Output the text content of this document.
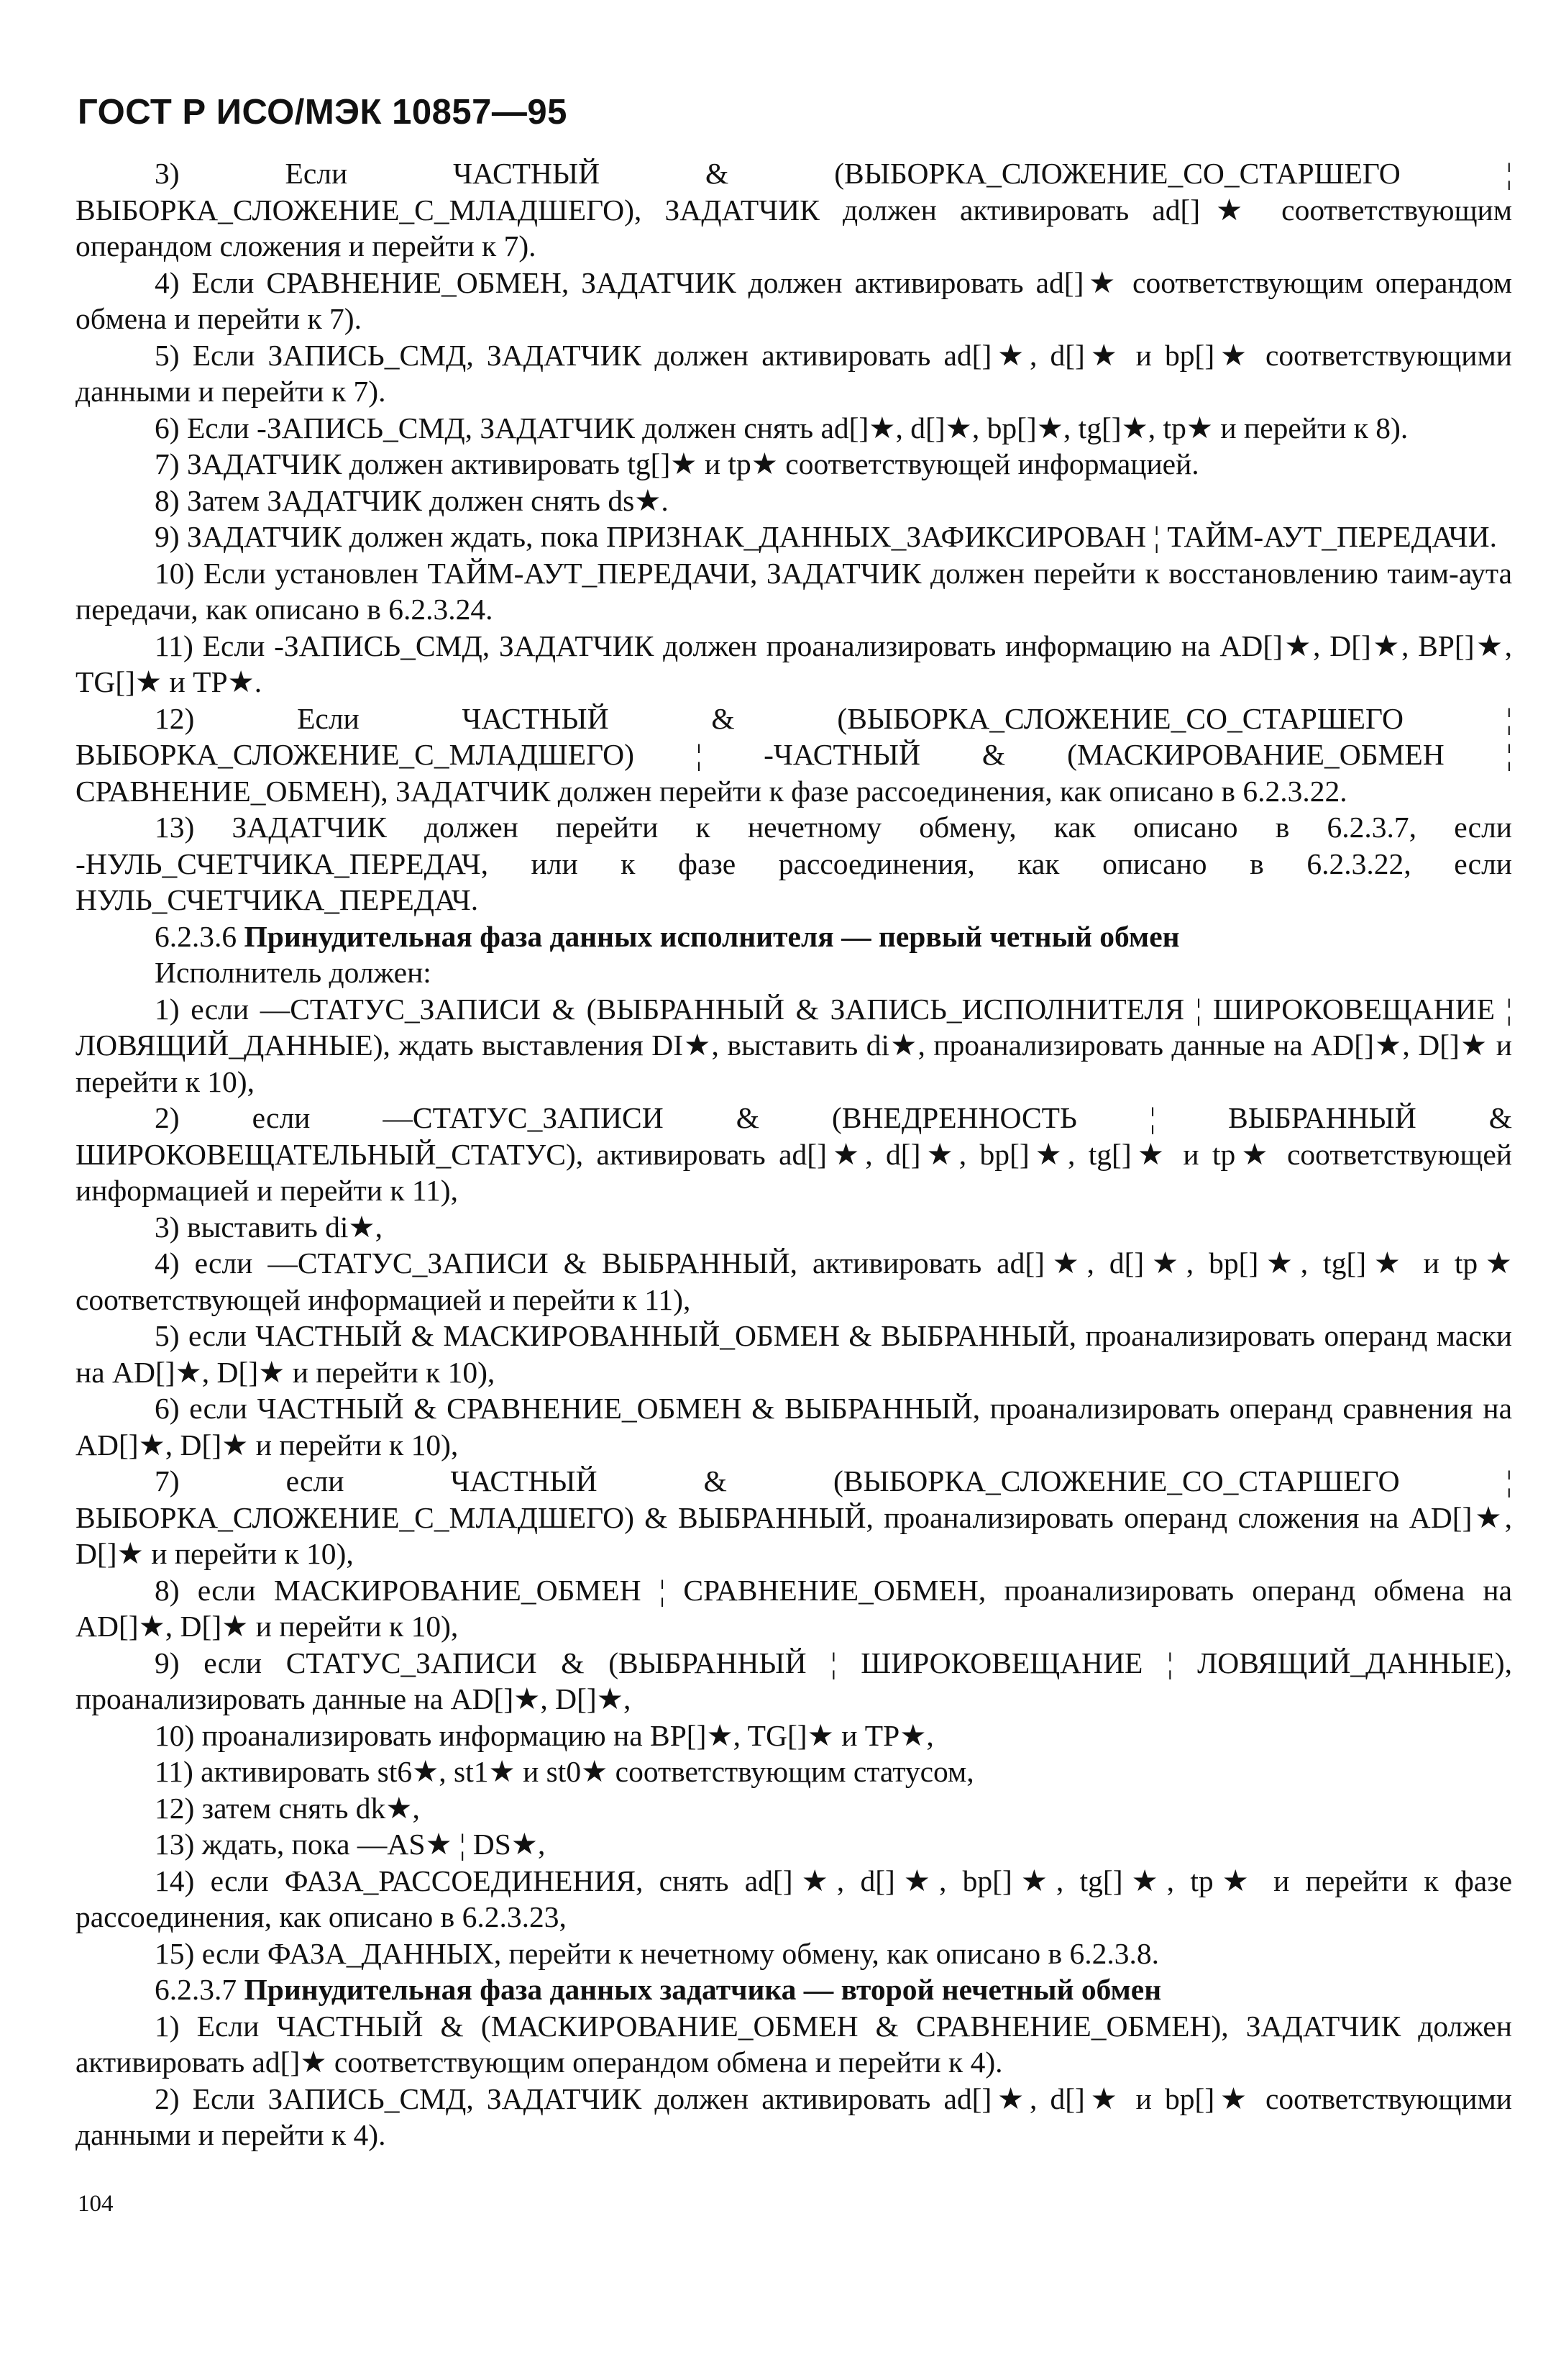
ГОСТ Р ИСО/МЭК 10857—95

3) Если ЧАСТНЫЙ & (ВЫБОРКА_СЛОЖЕНИЕ_СО_СТАРШЕГО ¦ ВЫБОРКА_СЛОЖЕНИЕ_С_МЛАДШЕГО), ЗАДАТЧИК должен активировать ad[]★ соответствующим операндом сложения и перейти к 7).

4) Если СРАВНЕНИЕ_ОБМЕН, ЗАДАТЧИК должен активировать ad[]★ соответствующим операндом обмена и перейти к 7).

5) Если ЗАПИСЬ_СМД, ЗАДАТЧИК должен активировать ad[]★, d[]★ и bp[]★ соответствующими данными и перейти к 7).

6) Если -ЗАПИСЬ_СМД, ЗАДАТЧИК должен снять ad[]★, d[]★, bp[]★, tg[]★, tp★ и перейти к 8).

7) ЗАДАТЧИК должен активировать tg[]★ и tp★ соответствующей информацией.

8) Затем ЗАДАТЧИК должен снять ds★.

9) ЗАДАТЧИК должен ждать, пока ПРИЗНАК_ДАННЫХ_ЗАФИКСИРОВАН ¦ ТАЙМ-АУТ_ПЕРЕДАЧИ.

10) Если установлен ТАЙМ-АУТ_ПЕРЕДАЧИ, ЗАДАТЧИК должен перейти к восстановлению таим-аута передачи, как описано в 6.2.3.24.

11) Если -ЗАПИСЬ_СМД, ЗАДАТЧИК должен проанализировать информацию на AD[]★, D[]★, BP[]★, TG[]★ и TP★.

12) Если ЧАСТНЫЙ & (ВЫБОРКА_СЛОЖЕНИЕ_СО_СТАРШЕГО ¦ ВЫБОРКА_СЛОЖЕНИЕ_С_МЛАДШЕГО) ¦ -ЧАСТНЫЙ & (МАСКИРОВАНИЕ_ОБМЕН ¦ СРАВНЕНИЕ_ОБМЕН), ЗАДАТЧИК должен перейти к фазе рассоединения, как описано в 6.2.3.22.

13) ЗАДАТЧИК должен перейти к нечетному обмену, как описано в 6.2.3.7, если -НУЛЬ_СЧЕТЧИКА_ПЕРЕДАЧ, или к фазе рассоединения, как описано в 6.2.3.22, если НУЛЬ_СЧЕТЧИКА_ПЕРЕДАЧ.

6.2.3.6 Принудительная фаза данных исполнителя — первый четный обмен

Исполнитель должен:

1) если —СТАТУС_ЗАПИСИ & (ВЫБРАННЫЙ & ЗАПИСЬ_ИСПОЛНИТЕЛЯ ¦ ШИРОКОВЕЩАНИЕ ¦ ЛОВЯЩИЙ_ДАННЫЕ), ждать выставления DI★, выставить di★, проанализировать данные на AD[]★, D[]★ и перейти к 10),

2) если —СТАТУС_ЗАПИСИ & (ВНЕДРЕННОСТЬ ¦ ВЫБРАННЫЙ & ШИРОКОВЕЩАТЕЛЬНЫЙ_СТАТУС), активировать ad[]★, d[]★, bp[]★, tg[]★ и tp★ соответствующей информацией и перейти к 11),

3) выставить di★,

4) если —СТАТУС_ЗАПИСИ & ВЫБРАННЫЙ, активировать ad[]★, d[]★, bp[]★, tg[]★ и tp★ соответствующей информацией и перейти к 11),

5) если ЧАСТНЫЙ & МАСКИРОВАННЫЙ_ОБМЕН & ВЫБРАННЫЙ, проанализировать операнд маски на AD[]★, D[]★ и перейти к 10),

6) если ЧАСТНЫЙ & СРАВНЕНИЕ_ОБМЕН & ВЫБРАННЫЙ, проанализировать операнд сравнения на AD[]★, D[]★ и перейти к 10),

7) если ЧАСТНЫЙ & (ВЫБОРКА_СЛОЖЕНИЕ_СО_СТАРШЕГО ¦ ВЫБОРКА_СЛОЖЕНИЕ_С_МЛАДШЕГО) & ВЫБРАННЫЙ, проанализировать операнд сложения на AD[]★, D[]★ и перейти к 10),

8) если МАСКИРОВАНИЕ_ОБМЕН ¦ СРАВНЕНИЕ_ОБМЕН, проанализировать операнд обмена на AD[]★, D[]★ и перейти к 10),

9) если СТАТУС_ЗАПИСИ & (ВЫБРАННЫЙ ¦ ШИРОКОВЕЩАНИЕ ¦ ЛОВЯЩИЙ_ДАННЫЕ), проанализировать данные на AD[]★, D[]★,

10) проанализировать информацию на BP[]★, TG[]★ и TP★,

11) активировать st6★, st1★ и st0★ соответствующим статусом,

12) затем снять dk★,

13) ждать, пока —AS★ ¦ DS★,

14) если ФАЗА_РАССОЕДИНЕНИЯ, снять ad[]★, d[]★, bp[]★, tg[]★, tp★ и перейти к фазе рассоединения, как описано в 6.2.3.23,

15) если ФАЗА_ДАННЫХ, перейти к нечетному обмену, как описано в 6.2.3.8.

6.2.3.7 Принудительная фаза данных задатчика — второй нечетный обмен

1) Если ЧАСТНЫЙ & (МАСКИРОВАНИЕ_ОБМЕН & СРАВНЕНИЕ_ОБМЕН), ЗАДАТЧИК должен активировать ad[]★ соответствующим операндом обмена и перейти к 4).

2) Если ЗАПИСЬ_СМД, ЗАДАТЧИК должен активировать ad[]★, d[]★ и bp[]★ соответствующими данными и перейти к 4).

104
